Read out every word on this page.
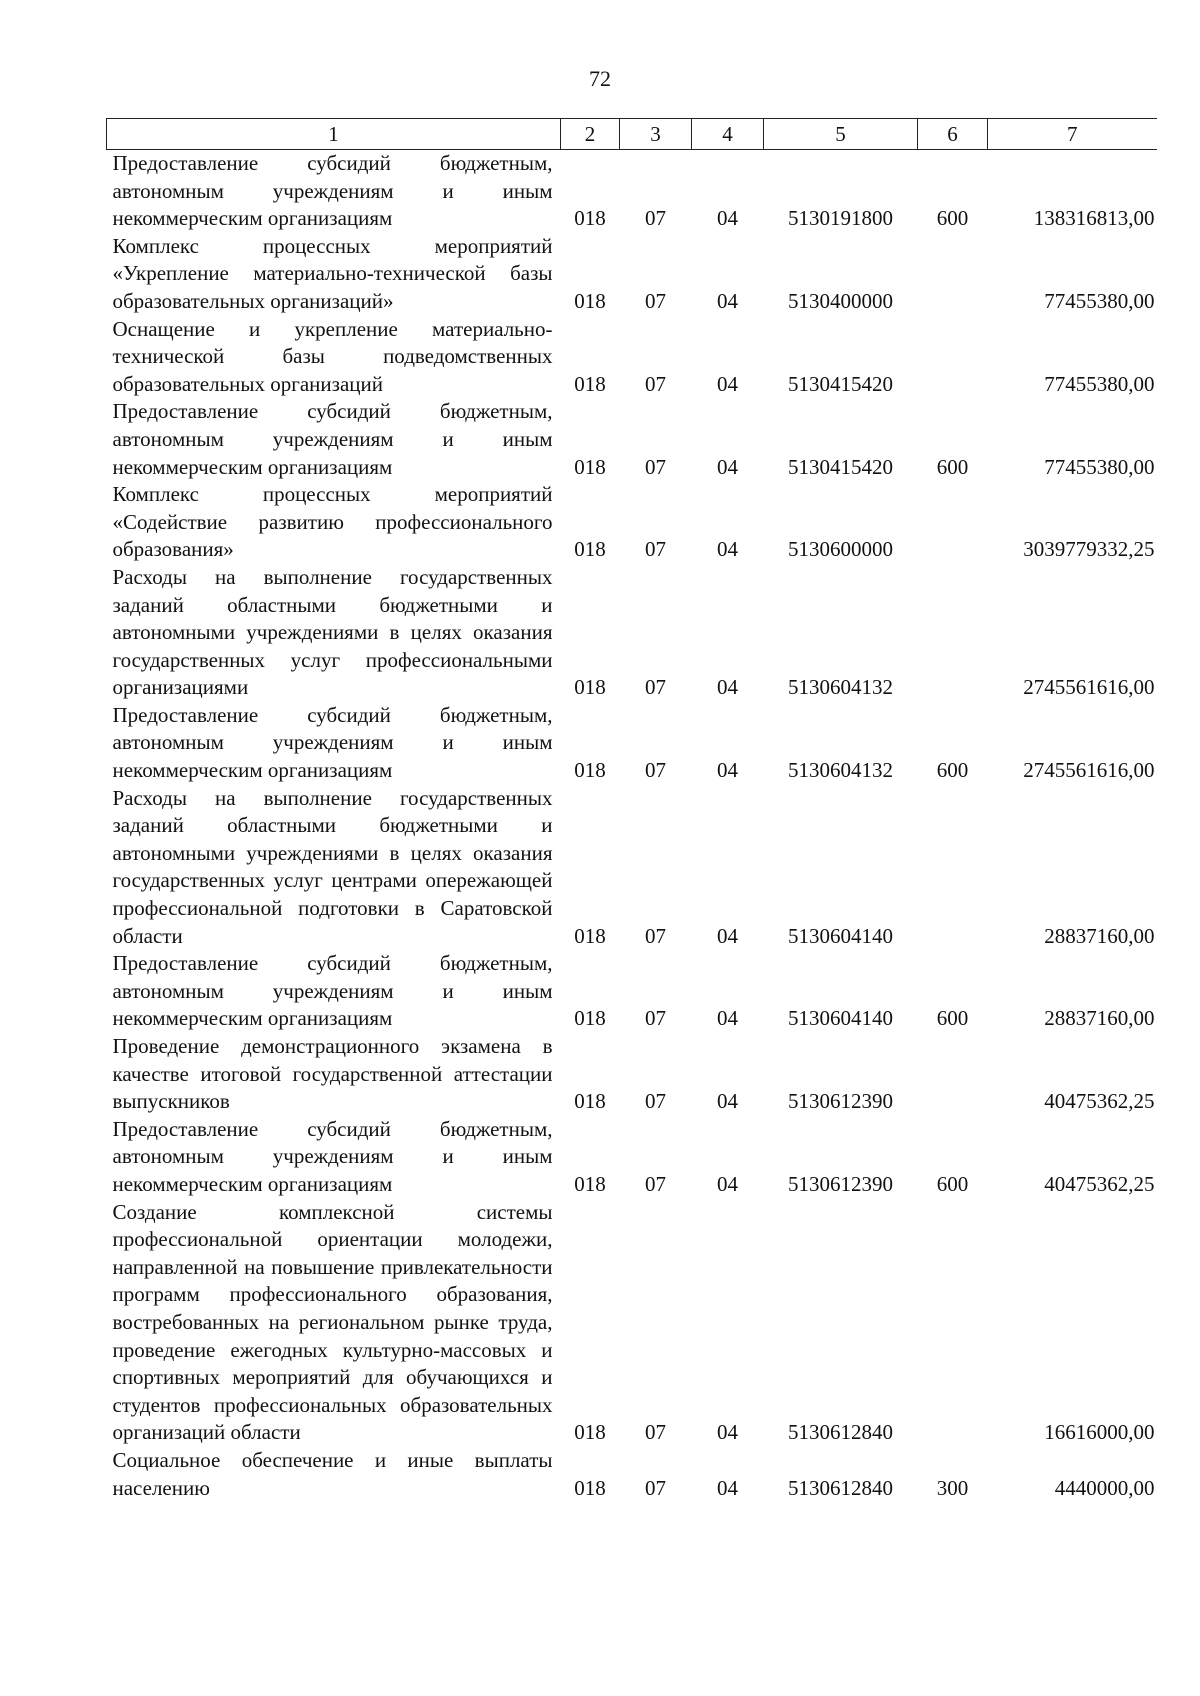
72
1	2	3	4	5	6	7
Предоставление субсидий бюджетным, автономным учреждениям и иным некоммерческим организациям	018	07	04	5130191800	600	138316813,00
Комплекс процессных мероприятий «Укрепление материально-технической базы образовательных организаций»	018	07	04	5130400000		77455380,00
Оснащение и укрепление материально-технической базы подведомственных образовательных организаций	018	07	04	5130415420		77455380,00
Предоставление субсидий бюджетным, автономным учреждениям и иным некоммерческим организациям	018	07	04	5130415420	600	77455380,00
Комплекс процессных мероприятий «Содействие развитию профессионального образования»	018	07	04	5130600000		3039779332,25
Расходы на выполнение государственных заданий областными бюджетными и автономными учреждениями в целях оказания государственных услуг профессиональными организациями	018	07	04	5130604132		2745561616,00
Предоставление субсидий бюджетным, автономным учреждениям и иным некоммерческим организациям	018	07	04	5130604132	600	2745561616,00
Расходы на выполнение государственных заданий областными бюджетными и автономными учреждениями в целях оказания государственных услуг центрами опережающей профессиональной подготовки в Саратовской области	018	07	04	5130604140		28837160,00
Предоставление субсидий бюджетным, автономным учреждениям и иным некоммерческим организациям	018	07	04	5130604140	600	28837160,00
Проведение демонстрационного экзамена в качестве итоговой государственной аттестации выпускников	018	07	04	5130612390		40475362,25
Предоставление субсидий бюджетным, автономным учреждениям и иным некоммерческим организациям	018	07	04	5130612390	600	40475362,25
Создание комплексной системы профессиональной ориентации молодежи, направленной на повышение привлекательности программ профессионального образования, востребованных на региональном рынке труда, проведение ежегодных культурно-массовых и спортивных мероприятий для обучающихся и студентов профессиональных образовательных организаций области	018	07	04	5130612840		16616000,00
Социальное обеспечение и иные выплаты населению	018	07	04	5130612840	300	4440000,00
